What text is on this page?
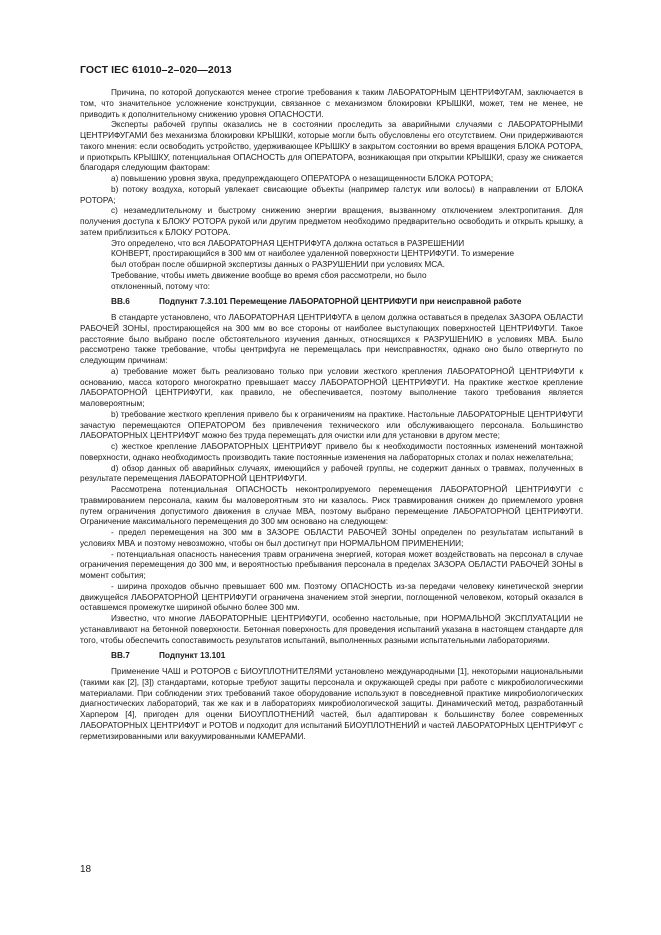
ГОСТ IEC 61010–2–020—2013

Причина, по которой допускаются менее строгие требования к таким ЛАБОРАТОРНЫМ ЦЕНТРИФУГАМ, заключается в том, что значительное усложнение конструкции, связанное с механизмом блокировки КРЫШКИ, может, тем не менее, не приводить к дополнительному снижению уровня ОПАСНОСТИ.

Эксперты рабочей группы оказались не в состоянии проследить за аварийными случаями с ЛАБОРАТОРНЫМИ ЦЕНТРИФУГАМИ без механизма блокировки КРЫШКИ, которые могли быть обусловлены его отсутствием. Они придерживаются такого мнения: если освободить устройство, удерживающее КРЫШКУ в закрытом состоянии во время вращения БЛОКА РОТОРА, и приоткрыть КРЫШКУ, потенциальная ОПАСНОСТЬ для ОПЕРАТОРА, возникающая при открытии КРЫШКИ, сразу же снижается благодаря следующим факторам:

а) повышению уровня звука, предупреждающего ОПЕРАТОРА о незащищенности БЛОКА РОТОРА;

b) потоку воздуха, который увлекает свисающие объекты (например галстук или волосы) в направлении от БЛОКА РОТОРА;

c) незамедлительному и быстрому снижению энергии вращения, вызванному отключением электропитания. Для получения доступа к БЛОКУ РОТОРА рукой или другим предметом необходимо предварительно освободить и открыть крышку, а затем приблизиться к БЛОКУ РОТОРА.

Это определено, что вся ЛАБОРАТОРНАЯ ЦЕНТРИФУГА должна остаться в РАЗРЕШЕНИИ

КОНВЕРТ, простирающийся в 300 мм от наиболее удаленной поверхности ЦЕНТРИФУГИ. То измерение

был отобран после обширной экспертизы данных о РАЗРУШЕНИИ при условиях МСА.

Требование, чтобы иметь движение вообще во время сбоя рассмотрели, но было

отклоненный, потому что:

ВВ.6	Подпункт 7.3.101 Перемещение ЛАБОРАТОРНОЙ ЦЕНТРИФУГИ при неисправной работе

В стандарте установлено, что ЛАБОРАТОРНАЯ ЦЕНТРИФУГА в целом должна оставаться в пределах ЗАЗОРА ОБЛАСТИ РАБОЧЕЙ ЗОНЫ, простирающейся на 300 мм во все стороны от наиболее выступающих поверхностей ЦЕНТРИФУГИ. Такое расстояние было выбрано после обстоятельного изучения данных, относящихся к РАЗРУШЕНИЮ в условиях МВА. Было рассмотрено также требование, чтобы центрифуга не перемещалась при неисправностях, однако оно было отвергнуто по следующим причинам:

а) требование может быть реализовано только при условии жесткого крепления ЛАБОРАТОРНОЙ ЦЕНТРИФУГИ к основанию, масса которого многократно превышает массу ЛАБОРАТОРНОЙ ЦЕНТРИФУГИ. На практике жесткое крепление ЛАБОРАТОРНОЙ ЦЕНТРИФУГИ, как правило, не обеспечивается, поэтому выполнение такого требования является маловероятным;

b) требование жесткого крепления привело бы к ограничениям на практике. Настольные ЛАБОРАТОРНЫЕ ЦЕНТРИФУГИ зачастую перемещаются ОПЕРАТОРОМ без привлечения технического или обслуживающего персонала. Большинство ЛАБОРАТОРНЫХ ЦЕНТРИФУГ можно без труда перемещать для очистки или для установки в другом месте;

c) жесткое крепление ЛАБОРАТОРНЫХ ЦЕНТРИФУГ привело бы к необходимости постоянных изменений монтажной поверхности, однако необходимость производить такие постоянные изменения на лабораторных столах и полах нежелательна;

d) обзор данных об аварийных случаях, имеющийся у рабочей группы, не содержит данных о травмах, полученных в результате перемещения ЛАБОРАТОРНОЙ ЦЕНТРИФУГИ.

Рассмотрена потенциальная ОПАСНОСТЬ неконтролируемого перемещения ЛАБОРАТОРНОЙ ЦЕНТРИФУГИ с травмированием персонала, каким бы маловероятным это ни казалось. Риск травмирования снижен до приемлемого уровня путем ограничения допустимого движения в случае МВА, поэтому выбрано перемещение ЛАБОРАТОРНОЙ ЦЕНТРИФУГИ. Ограничение максимального перемещения до 300 мм основано на следующем:

- предел перемещения на 300 мм в ЗАЗОРЕ ОБЛАСТИ РАБОЧЕЙ ЗОНЫ определен по результатам испытаний в условиях МВА и поэтому невозможно, чтобы он был достигнут при НОРМАЛЬНОМ ПРИМЕНЕНИИ;

- потенциальная опасность нанесения травм ограничена энергией, которая может воздействовать на персонал в случае ограничения перемещения до 300 мм, и вероятностью пребывания персонала в пределах ЗАЗОРА ОБЛАСТИ РАБОЧЕЙ ЗОНЫ в момент события;

- ширина проходов обычно превышает 600 мм. Поэтому ОПАСНОСТЬ из-за передачи человеку кинетической энергии движущейся ЛАБОРАТОРНОЙ ЦЕНТРИФУГИ ограничена значением этой энергии, поглощенной человеком, который оказался в оставшемся промежутке шириной обычно более 300 мм.

Известно, что многие ЛАБОРАТОРНЫЕ ЦЕНТРИФУГИ, особенно настольные, при НОРМАЛЬНОЙ ЭКСПЛУАТАЦИИ не устанавливают на бетонной поверхности. Бетонная поверхность для проведения испытаний указана в настоящем стандарте для того, чтобы обеспечить сопоставимость результатов испытаний, выполненных разными испытательными лабораториями.

ВВ.7	Подпункт 13.101

Применение ЧАШ и РОТОРОВ с БИОУПЛОТНИТЕЛЯМИ установлено международными [1], некоторыми национальными (такими как [2], [3]) стандартами, которые требуют защиты персонала и окружающей среды при работе с микробиологическими материалами. При соблюдении этих требований такое оборудование используют в повседневной практике микробиологических диагностических лабораторий, так же как и в лабораториях микробиологической защиты. Динамический метод, разработанный Харпером [4], пригоден для оценки БИОУПЛОТНЕНИЙ частей, был адаптирован к большинству более современных ЛАБОРАТОРНЫХ ЦЕНТРИФУГ и РОТОВ и подходит для испытаний БИОУПЛОТНЕНИЙ и частей ЛАБОРАТОРНЫХ ЦЕНТРИФУГ с герметизированными или вакуумированными КАМЕРАМИ.

18
